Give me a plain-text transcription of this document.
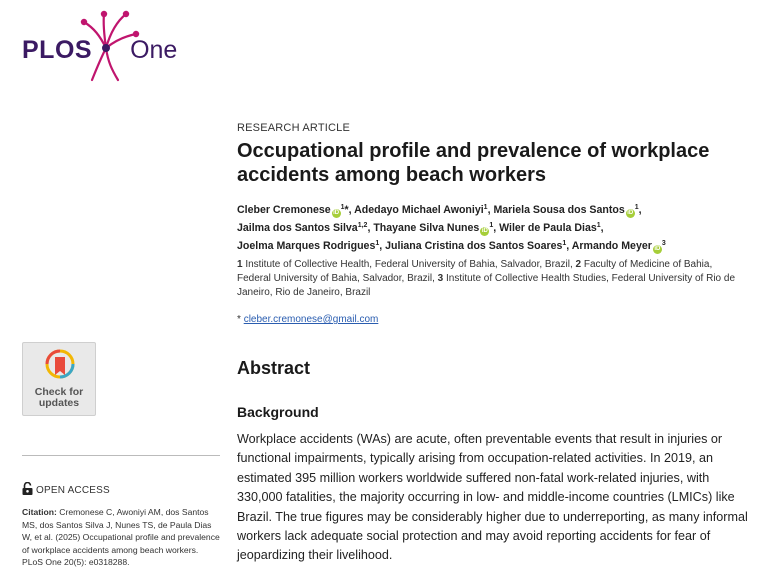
PLOS One
RESEARCH ARTICLE
Occupational profile and prevalence of workplace accidents among beach workers
Cleber Cremonese $iD^1*$, Adedayo Michael Awoniyi$^1$, Mariela Sousa dos Santos $iD^1$,
Jailma dos Santos Silva$^{1,2}$, Thayane Silva Nunes $iD^1$, Wiler de Paula Dias$^1$,
Joelma Marques Rodrigues$^1$, Juliana Cristina dos Santos Soares$^1$, Armando Meyer $iD^3$
1 Institute of Collective Health, Federal University of Bahia, Salvador, Brazil, 2 Faculty of Medicine of Bahia, Federal University of Bahia, Salvador, Brazil, 3 Institute of Collective Health Studies, Federal University of Rio de Janeiro, Rio de Janeiro, Brazil
* cleber.cremonese@gmail.com
Check for
updates
OPEN ACCESS
Citation: Cremonese C, Awoniyi AM, dos Santos MS, dos Santos Silva J, Nunes TS, de Paula Dias W, et al. (2025) Occupational profile and prevalence of workplace accidents among beach workers. PLoS One 20(5): e0318288.
Abstract
Background

Workplace accidents (WAs) are acute, often preventable events that result in injuries or functional impairments, typically arising from occupation-related activities. In 2019, an estimated 395 million workers worldwide suffered non-fatal work-related injuries, with 330,000 fatalities, the majority occurring in low- and middle-income countries (LMICs) like Brazil. The true figures may be considerably higher due to underreporting, as many informal workers lack adequate social protection and may avoid reporting accidents for fear of jeopardizing their livelihood.
